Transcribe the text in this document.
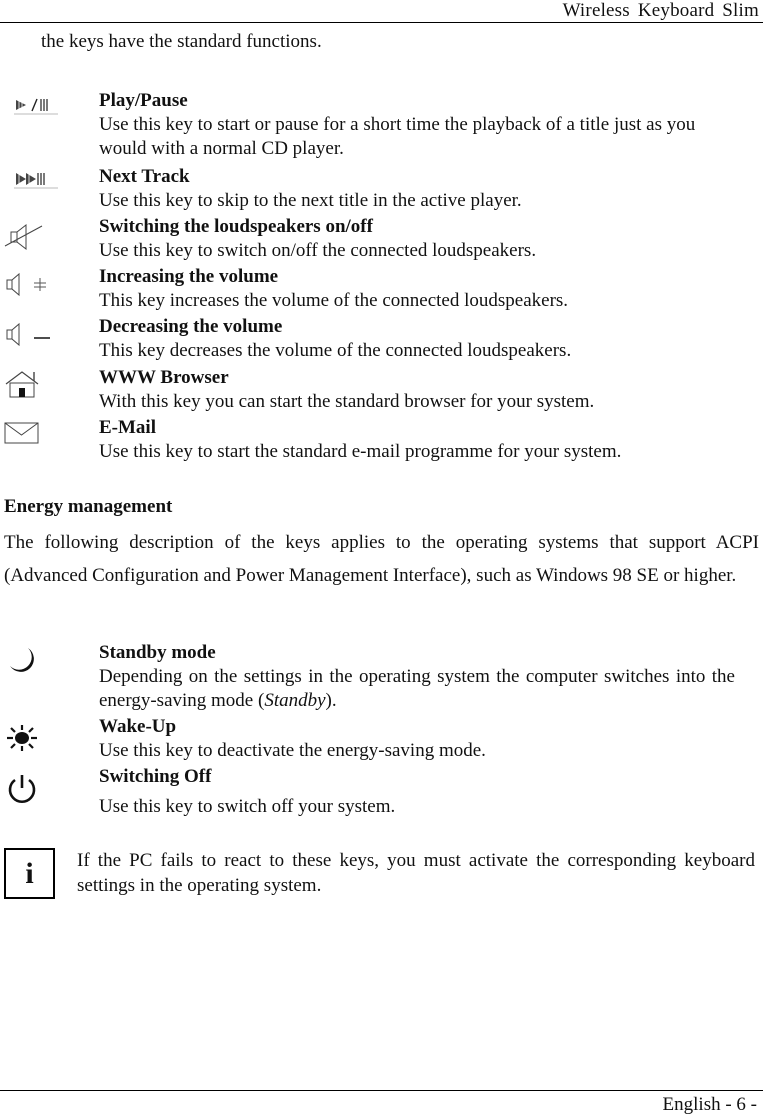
Wireless Keyboard Slim
the keys have the standard functions.
Play/Pause
Use this key to start or pause for a short time the playback of a title just as you would with a normal CD player.
Next Track
Use this key to skip to the next title in the active player.
Switching the loudspeakers on/off
Use this key to switch on/off the connected loudspeakers.
Increasing the volume
This key increases the volume of the connected loudspeakers.
Decreasing the volume
This key decreases the volume of the connected loudspeakers.
WWW Browser
With this key you can start the standard browser for your system.
E-Mail
Use this key to start the standard e-mail programme for your system.
Energy management
The following description of the keys applies to the operating systems that support ACPI (Advanced Configuration and Power Management Interface), such as Windows 98 SE or higher.
Standby mode
Depending on the settings in the operating system the computer switches into the energy-saving mode (Standby).
Wake-Up
Use this key to deactivate the energy-saving mode.
Switching Off
Use this key to switch off your system.
i	If the PC fails to react to these keys, you must activate the corresponding keyboard settings in the operating system.
English - 6 -
